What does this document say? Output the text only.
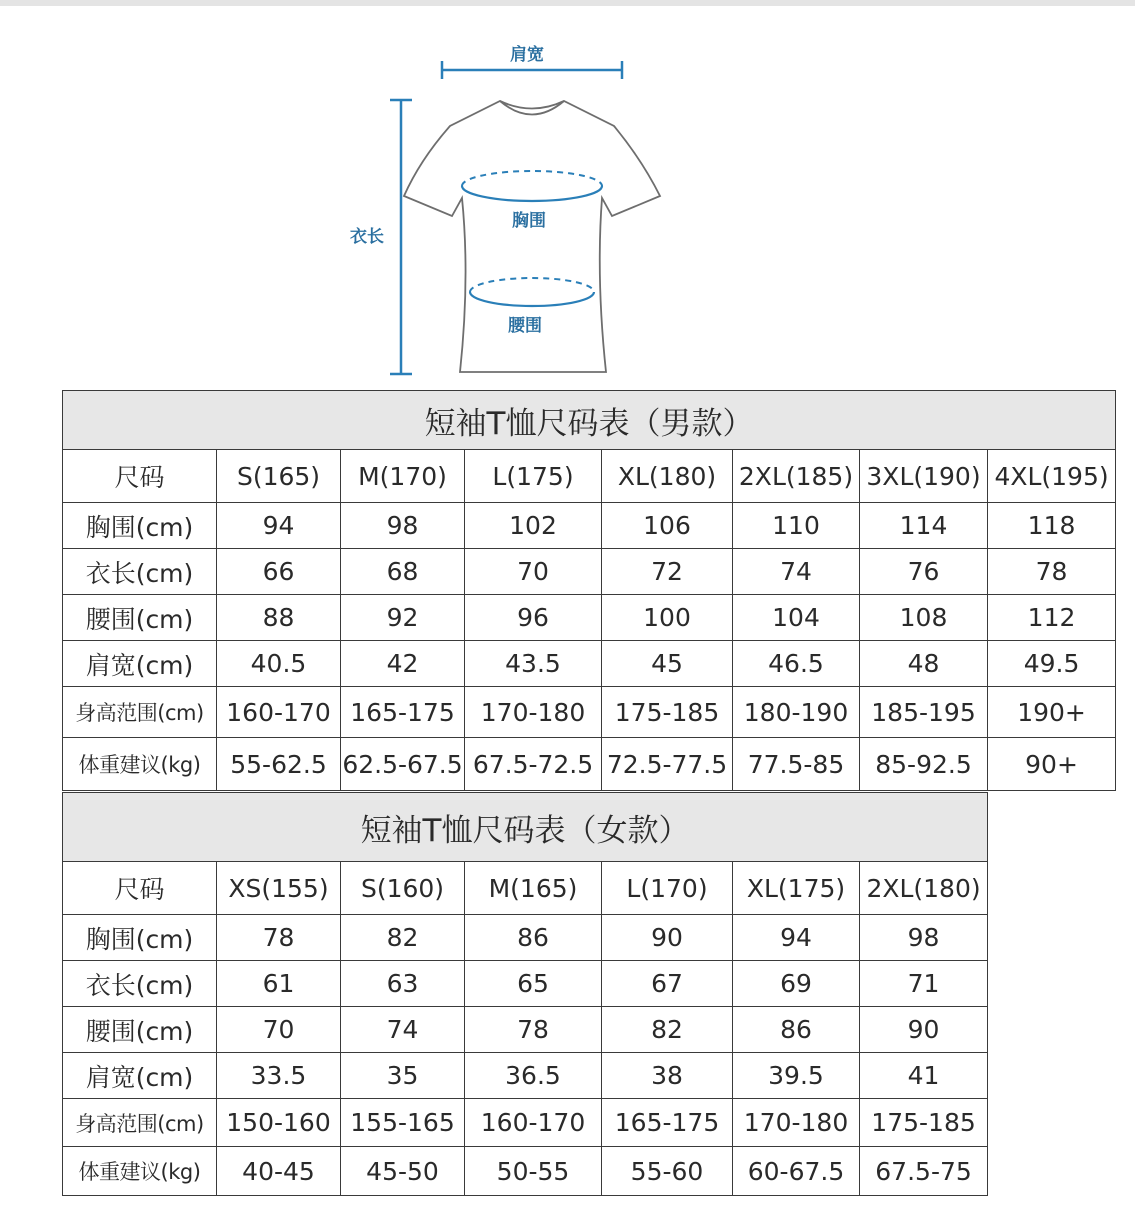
肩宽
胸围
腰围
衣长
短袖T恤尺码表（男款）							
尺码	S(165)	M(170)	L(175)	XL(180)	2XL(185)	3XL(190)	4XL(195)
胸围(cm)	94	98	102	106	110	114	118
衣长(cm)	66	68	70	72	74	76	78
腰围(cm)	88	92	96	100	104	108	112
肩宽(cm)	40.5	42	43.5	45	46.5	48	49.5
身高范围(cm)	160-170	165-175	170-180	175-185	180-190	185-195	190+
体重建议(kg)	55-62.5	62.5-67.5	67.5-72.5	72.5-77.5	77.5-85	85-92.5	90+
短袖T恤尺码表（女款）						
尺码	XS(155)	S(160)	M(165)	L(170)	XL(175)	2XL(180)
胸围(cm)	78	82	86	90	94	98
衣长(cm)	61	63	65	67	69	71
腰围(cm)	70	74	78	82	86	90
肩宽(cm)	33.5	35	36.5	38	39.5	41
身高范围(cm)	150-160	155-165	160-170	165-175	170-180	175-185
体重建议(kg)	40-45	45-50	50-55	55-60	60-67.5	67.5-75
